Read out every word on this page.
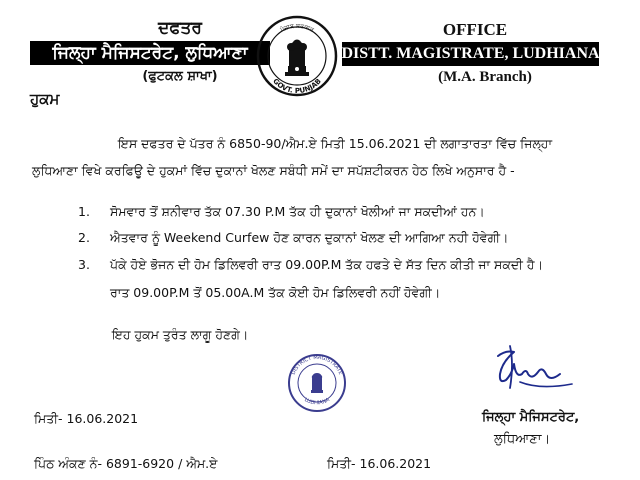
ਦਫਤਰ
ਜਿਲ੍ਹਾ ਮੈਜਿਸਟਰੇਟ, ਲੁਧਿਆਣਾ
(ਫੁਟਕਲ ਸ਼ਾਖਾ)	GOVT. PUNJAB
ਪੰਜਾਬ ਸਰਕਾਰ	OFFICE
DISTT. MAGISTRATE, LUDHIANA
(M.A. Branch)
ਹੁਕਮ
ਇਸ ਦਫਤਰ ਦੇ ਪੱਤਰ ਨੰ 6850-90/ਐਮ.ਏ ਮਿਤੀ 15.06.2021 ਦੀ ਲਗਾਤਾਰਤਾ ਵਿੱਚ ਜਿਲ੍ਹਾ
ਲੁਧਿਆਣਾ ਵਿਖੇ ਕਰਫਿਊ ਦੇ ਹੁਕਮਾਂ ਵਿੱਚ ਦੁਕਾਨਾਂ ਖੋਲਣ ਸਬੰਧੀ ਸਮੇਂ ਦਾ ਸਪੱਸ਼ਟੀਕਰਨ ਹੇਠ ਲਿਖੇ ਅਨੁਸਾਰ ਹੈ -
1. ਸੋਮਵਾਰ ਤੋਂ ਸ਼ਨੀਵਾਰ ਤੱਕ 07.30 P.M ਤੱਕ ਹੀ ਦੁਕਾਨਾਂ ਖੋਲੀਆਂ ਜਾ ਸਕਦੀਆਂ ਹਨ।
2. ਐਤਵਾਰ ਨੂੰ Weekend Curfew ਹੋਣ ਕਾਰਨ ਦੁਕਾਨਾਂ ਖੋਲਣ ਦੀ ਆਗਿਆ ਨਹੀ ਹੋਵੇਗੀ।
3. ਪੱਕੇ ਹੋਏ ਭੋਜਨ ਦੀ ਹੋਮ ਡਿਲਿਵਰੀ ਰਾਤ 09.00P.M ਤੱਕ ਹਫਤੇ ਦੇ ਸੱਤ ਦਿਨ ਕੀਤੀ ਜਾ ਸਕਦੀ ਹੈ।
ਰਾਤ 09.00P.M ਤੋਂ 05.00A.M ਤੱਕ ਕੋਈ ਹੋਮ ਡਿਲਿਵਰੀ ਨਹੀਂ ਹੋਵੇਗੀ।
ਇਹ ਹੁਕਮ ਤੁਰੰਤ ਲਾਗੂ ਹੋਣਗੇ।
DISTRICT MAGISTRATE
LUDHIANA
ਮਿਤੀ- 16.06.2021	ਜਿਲ੍ਹਾ ਮੈਜਿਸਟਰੇਟ,
ਲੁਧਿਆਣਾ।
ਪਿੰਠ ਅੰਕਣ ਨੰ- 6891-6920 / ਐਮ.ਏ	ਮਿਤੀ- 16.06.2021
